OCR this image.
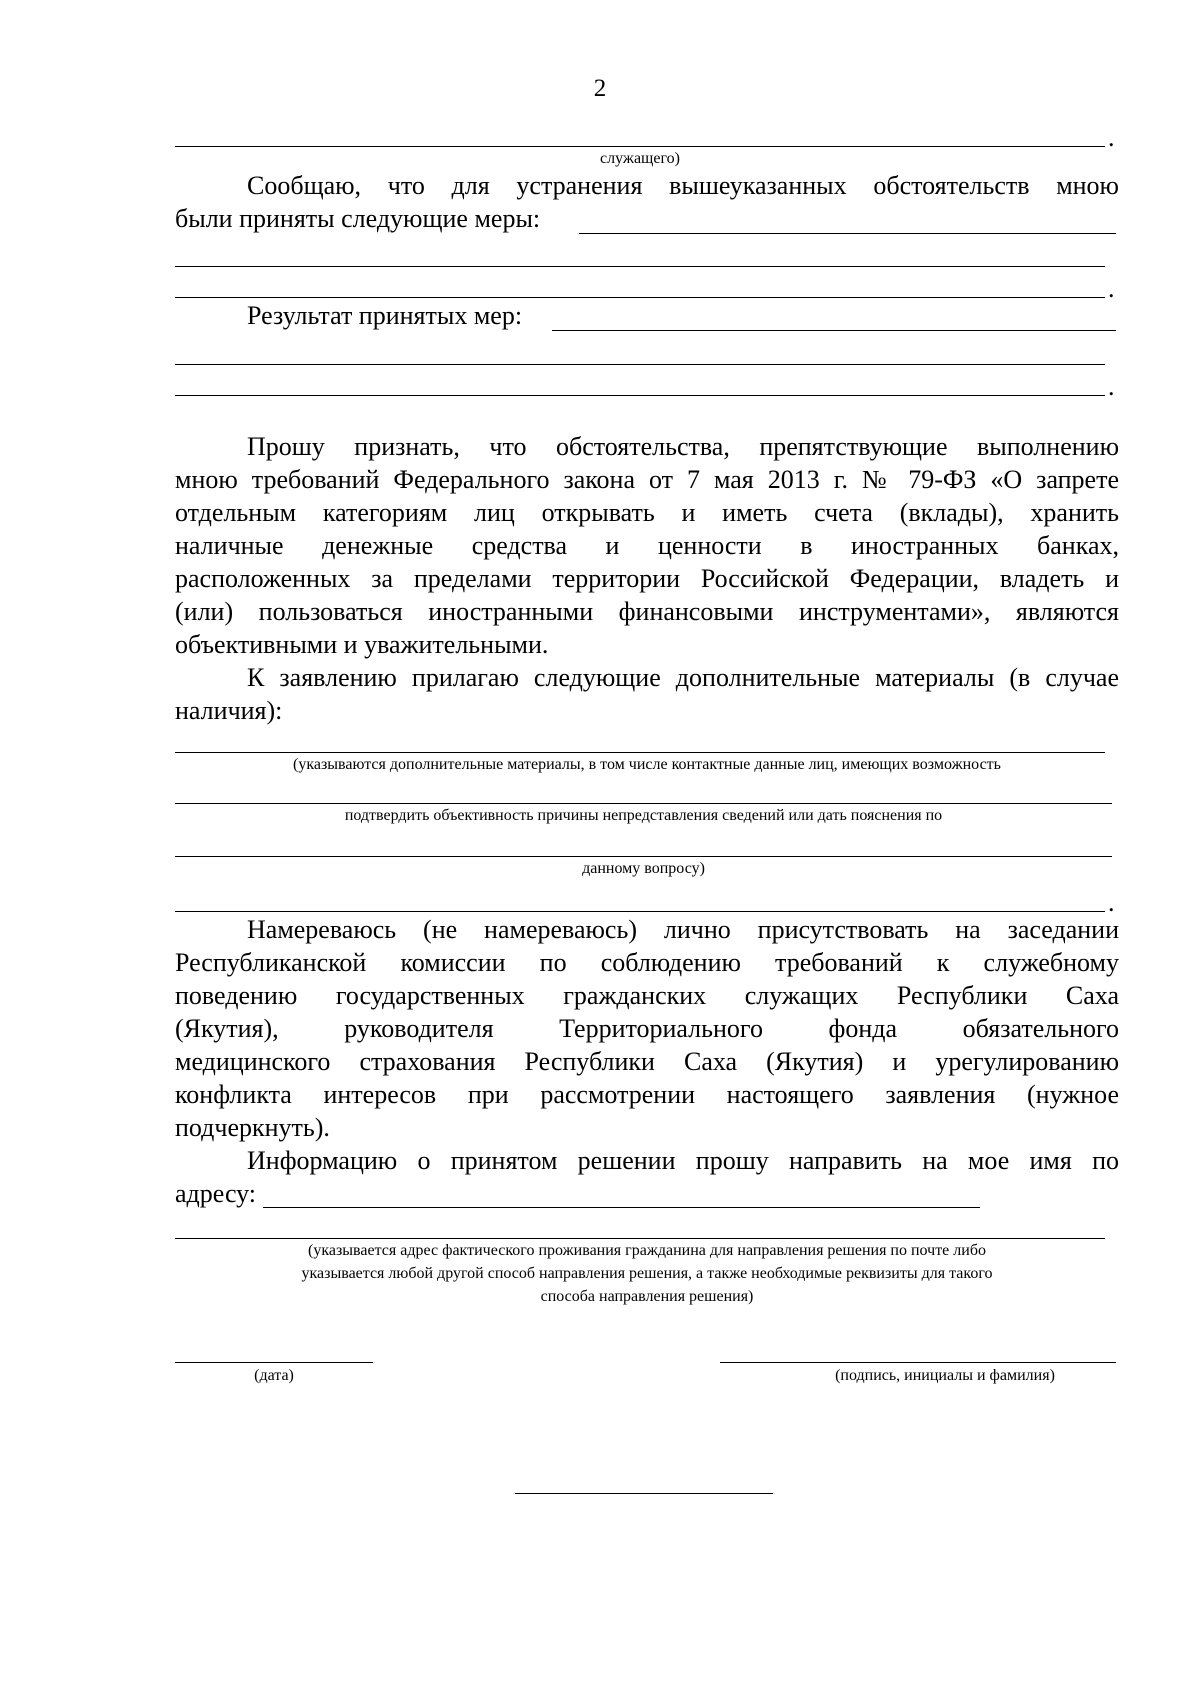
2
.
служащего)
Сообщаю, что для устранения вышеуказанных обстоятельств мною
были приняты следующие меры:
.
Результат принятых мер:
.
Прошу признать, что обстоятельства, препятствующие выполнению
мною требований Федерального закона от 7 мая 2013 г. № 79-ФЗ «О запрете
отдельным категориям лиц открывать и иметь счета (вклады), хранить
наличные денежные средства и ценности в иностранных банках,
расположенных за пределами территории Российской Федерации, владеть и
(или) пользоваться иностранными финансовыми инструментами», являются
объективными и уважительными.
К заявлению прилагаю следующие дополнительные материалы (в случае
наличия):
(указываются дополнительные материалы, в том числе контактные данные лиц, имеющих возможность
подтвердить объективность причины непредставления сведений или дать пояснения по
данному вопросу)
.
Намереваюсь (не намереваюсь) лично присутствовать на заседании
Республиканской комиссии по соблюдению требований к служебному
поведению государственных гражданских служащих Республики Саха
(Якутия), руководителя Территориального фонда обязательного
медицинского страхования Республики Саха (Якутия) и урегулированию
конфликта интересов при рассмотрении настоящего заявления (нужное
подчеркнуть).
Информацию о принятом решении прошу направить на мое имя по
адресу:
(указывается адрес фактического проживания гражданина для направления решения по почте либо
указывается любой другой способ направления решения, а также необходимые реквизиты для такого
способа направления решения)
(дата)	(подпись, инициалы и фамилия)
